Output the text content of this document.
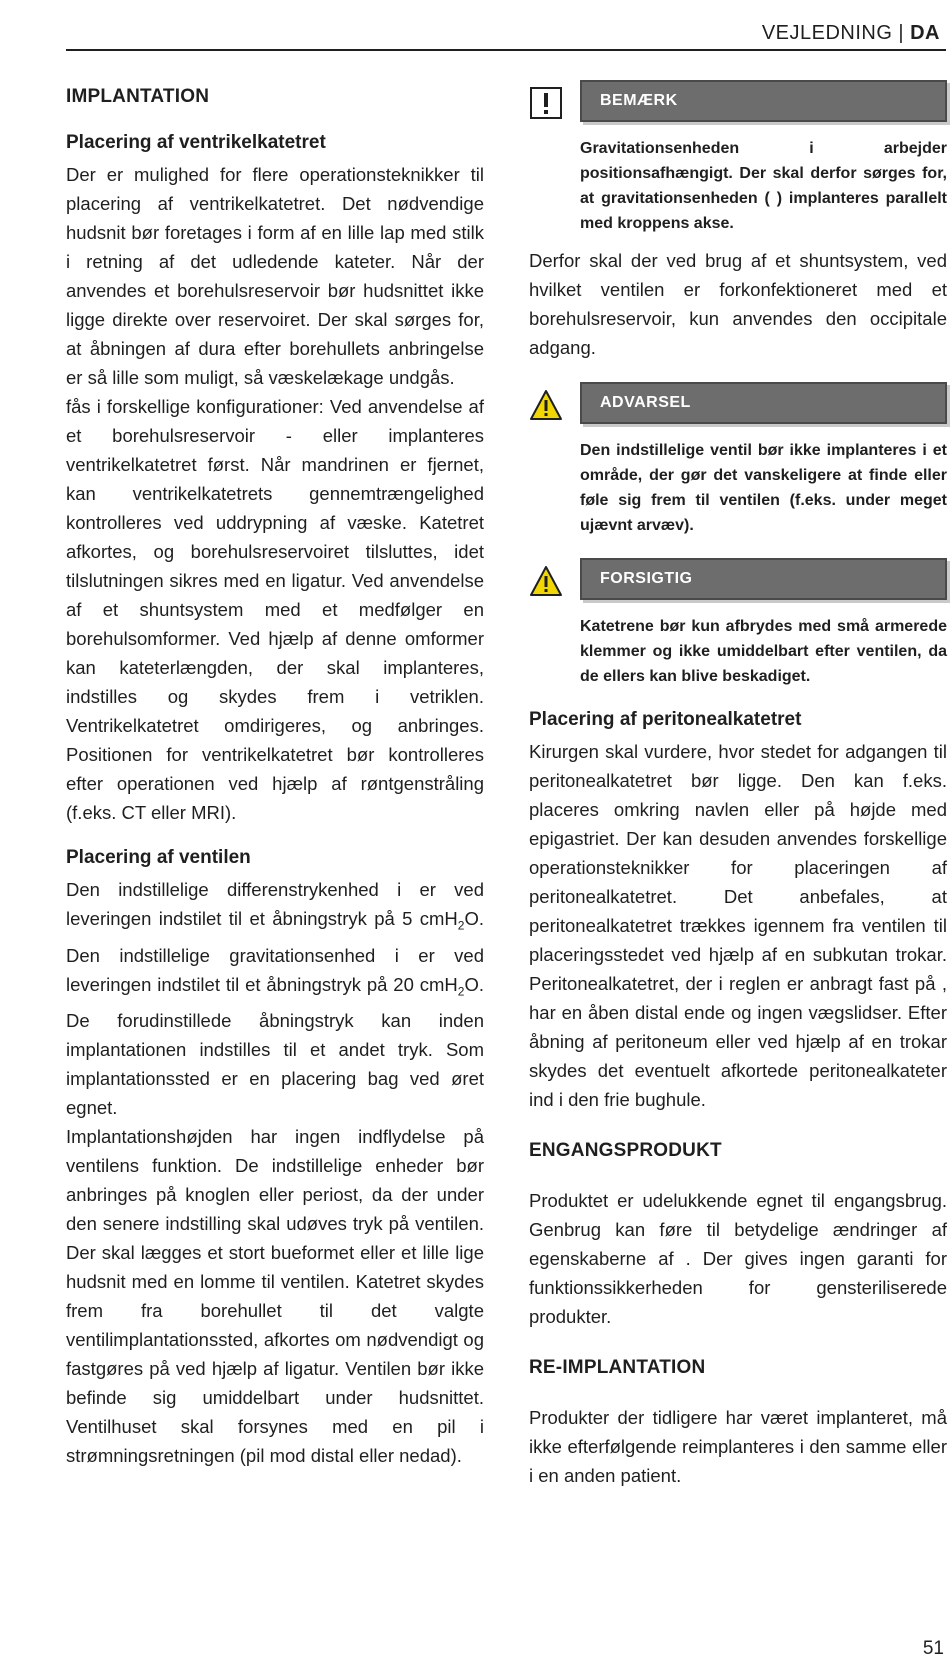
VEJLEDNING | DA
IMPLANTATION
Placering af ventrikelkatetret

Der er mulighed for flere operationsteknikker til placering af ventrikelkatetret. Det nødvendige hudsnit bør foretages i form af en lille lap med stilk i retning af det udledende kateter. Når der anvendes et borehulsreservoir bør hudsnittet ikke ligge direkte over reservoiret. Der skal sørges for, at åbningen af dura efter borehullets anbringelse er så lille som muligt, så væskelækage undgås.

fås i forskellige konfigurationer: Ved anvendelse af et borehulsreservoir - eller implanteres ventrikelkatetret først. Når mandrinen er fjernet, kan ventrikelkatetrets gennemtrængelighed kontrolleres ved uddrypning af væske. Katetret afkortes, og borehulsreservoiret tilsluttes, idet tilslutningen sikres med en ligatur. Ved anvendelse af et shuntsystem med et medfølger en borehulsomformer. Ved hjælp af denne omformer kan kateterlængden, der skal implanteres, indstilles og skydes frem i vetriklen. Ventrikelkatetret omdirigeres, og anbringes. Positionen for ventrikelkatetret bør kontrolleres efter operationen ved hjælp af røntgenstråling (f.eks. CT eller MRI).

Placering af ventilen

Den indstillelige differenstrykenhed i er ved leveringen indstilet til et åbningstryk på 5 cmH$_2$O. Den indstillelige gravitationsenhed i er ved leveringen indstilet til et åbningstryk på 20 cmH$_2$O. De forudinstillede åbningstryk kan inden implantationen indstilles til et andet tryk. Som implantationssted er en placering bag ved øret egnet.

Implantationshøjden har ingen indflydelse på ventilens funktion. De indstillelige enheder bør anbringes på knoglen eller periost, da der under den senere indstilling skal udøves tryk på ventilen. Der skal lægges et stort bueformet eller et lille lige hudsnit med en lomme til ventilen. Katetret skydes frem fra borehullet til det valgte ventilimplantationssted, afkortes om nødvendigt og fastgøres på ved hjælp af ligatur. Ventilen bør ikke befinde sig umiddelbart under hudsnittet. Ventilhuset skal forsynes med en pil i strømningsretningen (pil mod distal eller nedad).

BEMÆRK
Gravitationsenheden i arbejder positionsafhængigt. Der skal derfor sørges for, at gravitationsenheden ( ) implanteres parallelt med kroppens akse.

Derfor skal der ved brug af et shuntsystem, ved hvilket ventilen er forkonfektioneret med et borehulsreservoir, kun anvendes den occipitale adgang.

ADVARSEL
Den indstillelige ventil bør ikke implanteres i et område, der gør det vanskeligere at finde eller føle sig frem til ventilen (f.eks. under meget ujævnt arvæv).
FORSIGTIG
Katetrene bør kun afbrydes med små armerede klemmer og ikke umiddelbart efter ventilen, da de ellers kan blive beskadiget.
Placering af peritonealkatetret

Kirurgen skal vurdere, hvor stedet for adgangen til peritonealkatetret bør ligge. Den kan f.eks. placeres omkring navlen eller på højde med epigastriet. Der kan desuden anvendes forskellige operationsteknikker for placeringen af peritonealkatetret. Det anbefales, at peritonealkatetret trækkes igennem fra ventilen til placeringsstedet ved hjælp af en subkutan trokar. Peritonealkatetret, der i reglen er anbragt fast på , har en åben distal ende og ingen vægslidser. Efter åbning af peritoneum eller ved hjælp af en trokar skydes det eventuelt afkortede peritonealkateter ind i den frie bughule.

ENGANGSPRODUKT

Produktet er udelukkende egnet til engangsbrug. Genbrug kan føre til betydelige ændringer af egenskaberne af . Der gives ingen garanti for funktionssikkerheden for gensteriliserede produkter.

RE-IMPLANTATION

Produkter der tidligere har været implanteret, må ikke efterfølgende reimplanteres i den samme eller i en anden patient.

51
